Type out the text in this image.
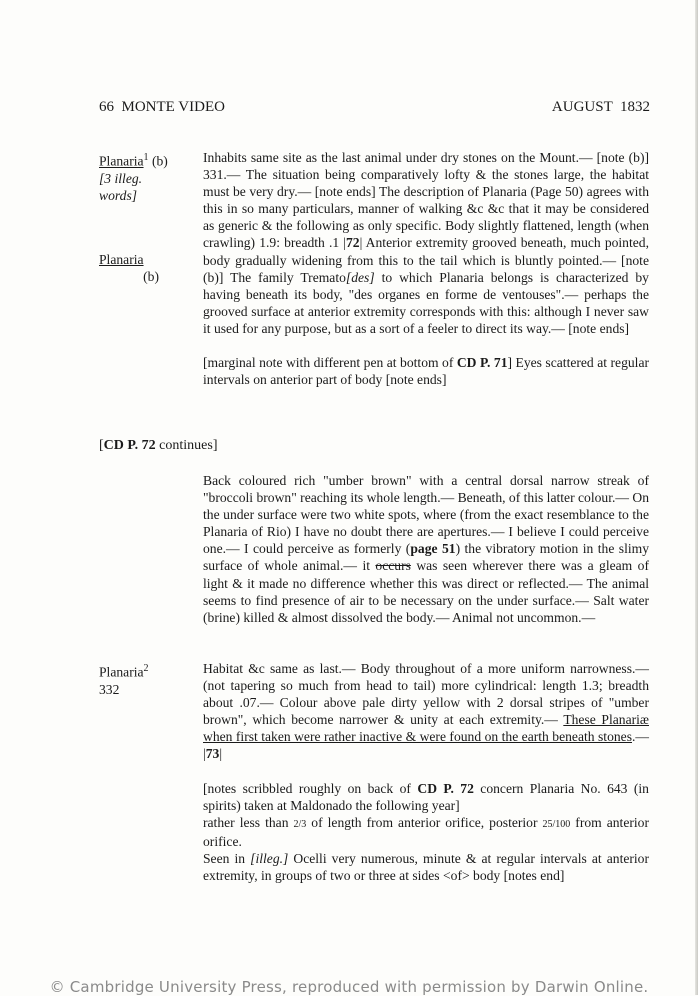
66  MONTE VIDEO	AUGUST  1832
Planaria$^1$ (b)
[3 illeg.
words]
Planaria
(b)

Inhabits same site as the last animal under dry stones on the Mount.— [note (b)] 331.— The situation being comparatively lofty & the stones large, the habitat must be very dry.— [note ends] The description of Planaria (Page 50) agrees with this in so many particulars, manner of walking &c &c that it may be considered as generic & the following as only specific. Body slightly flattened, length (when crawling) 1.9: breadth .1 |72| Anterior extremity grooved beneath, much pointed, body gradually widening from this to the tail which is bluntly pointed.— [note (b)] The family Tremato[des] to which Planaria belongs is characterized by having beneath its body, "des organes en forme de ventouses".— perhaps the grooved surface at anterior extremity corresponds with this: although I never saw it used for any purpose, but as a sort of a feeler to direct its way.— [note ends]

[marginal note with different pen at bottom of CD P. 71] Eyes scattered at regular intervals on anterior part of body [note ends]

[CD P. 72 continues]

Back coloured rich "umber brown" with a central dorsal narrow streak of "broccoli brown" reaching its whole length.— Beneath, of this latter colour.— On the under surface were two white spots, where (from the exact resemblance to the Planaria of Rio) I have no doubt there are apertures.— I believe I could perceive one.— I could perceive as formerly (page 51) the vibratory motion in the slimy surface of whole animal.— it occurs was seen wherever there was a gleam of light & it made no difference whether this was direct or reflected.— The animal seems to find presence of air to be necessary on the under surface.— Salt water (brine) killed & almost dissolved the body.— Animal not uncommon.—

Planaria$^2$
332

Habitat &c same as last.— Body throughout of a more uniform narrowness.— (not tapering so much from head to tail) more cylindrical: length 1.3; breadth about .07.— Colour above pale dirty yellow with 2 dorsal stripes of "umber brown", which become narrower & unity at each extremity.— These Planariæ when first taken were rather inactive & were found on the earth beneath stones.— |73|

[notes scribbled roughly on back of CD P. 72 concern Planaria No. 643 (in spirits) taken at Maldonado the following year]

rather less than 2/3 of length from anterior orifice, posterior 25/100 from anterior orifice.

Seen in [illeg.] Ocelli very numerous, minute & at regular intervals at anterior extremity, in groups of two or three at sides <of> body [notes end]

© Cambridge University Press, reproduced with permission by Darwin Online.
